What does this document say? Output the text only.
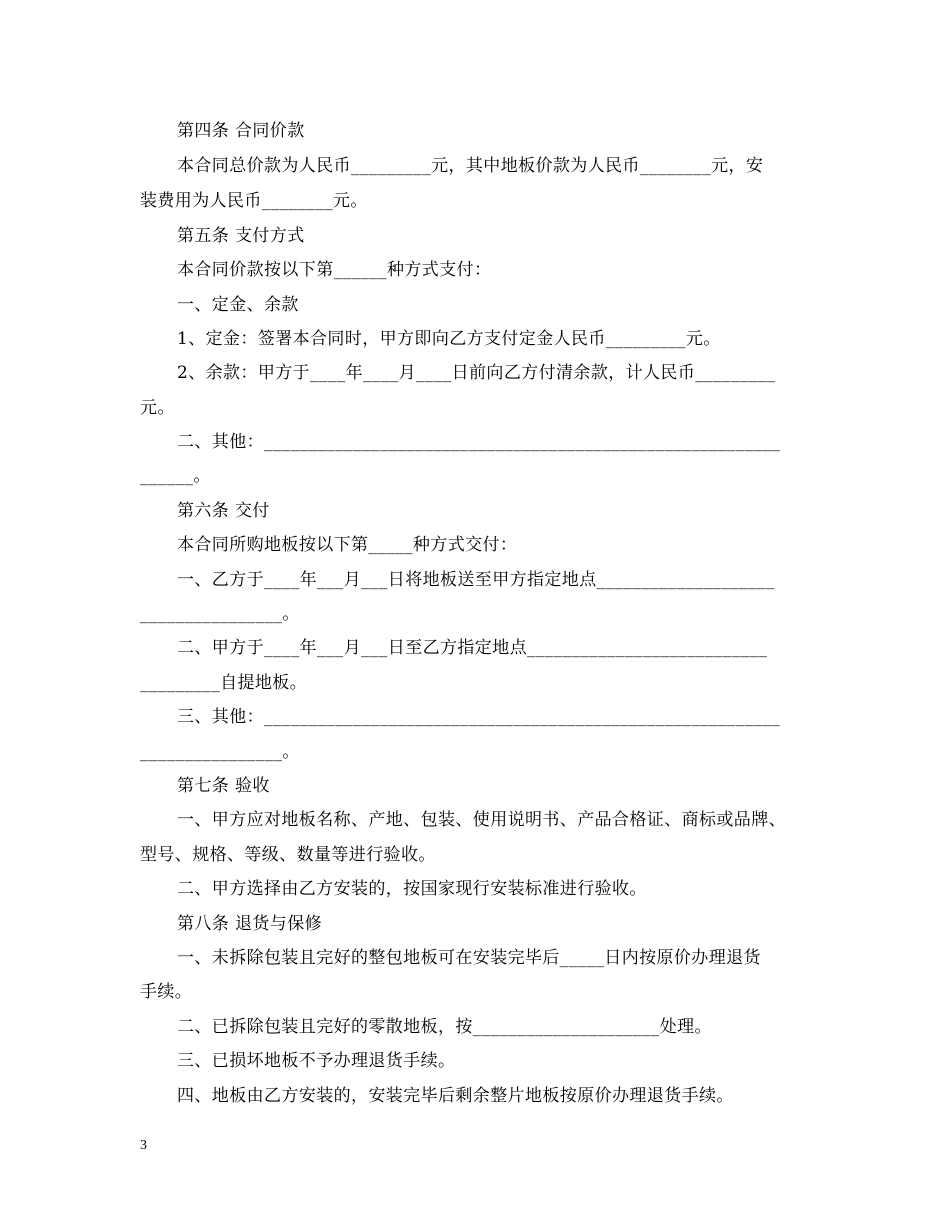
第四条 合同价款
本合同总价款为人民币_________元，其中地板价款为人民币________元，安
装费用为人民币________元。
第五条 支付方式
本合同价款按以下第______种方式支付：
一、定金、余款
1、定金：签署本合同时，甲方即向乙方支付定金人民币_________元。
2、余款：甲方于____年____月____日前向乙方付清余款，计人民币_________
元。
二、其他：__________________________________________________________
______。
第六条 交付
本合同所购地板按以下第_____种方式交付：
一、乙方于____年___月___日将地板送至甲方指定地点____________________
________________。
二、甲方于____年___月___日至乙方指定地点___________________________
_________自提地板。
三、其他：__________________________________________________________
________________。
第七条 验收
一、甲方应对地板名称、产地、包装、使用说明书、产品合格证、商标或品牌、
型号、规格、等级、数量等进行验收。
二、甲方选择由乙方安装的，按国家现行安装标准进行验收。
第八条 退货与保修
一、未拆除包装且完好的整包地板可在安装完毕后_____日内按原价办理退货
手续。
二、已拆除包装且完好的零散地板，按_____________________处理。
三、已损坏地板不予办理退货手续。
四、地板由乙方安装的，安装完毕后剩余整片地板按原价办理退货手续。
3
